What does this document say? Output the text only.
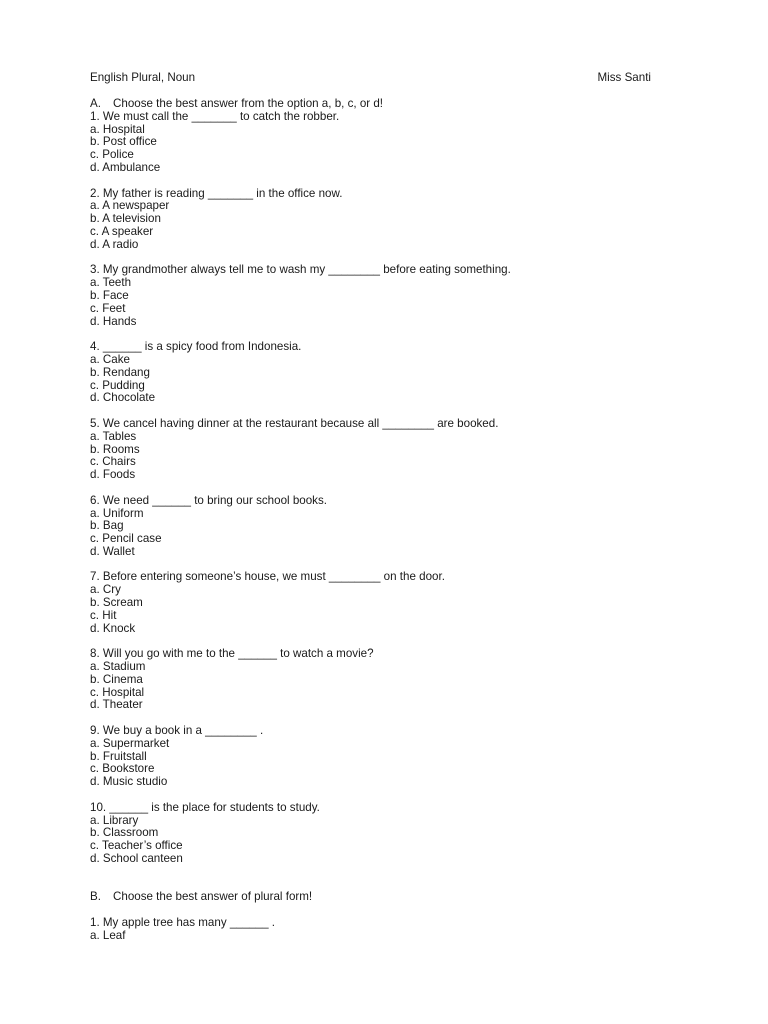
English Plural, Noun	Miss Santi
A.	Choose the best answer from the option a, b, c, or d!
1. We must call the _______ to catch the robber.
a. Hospital
b. Post office
c. Police
d. Ambulance
2. My father is reading _______ in the office now.
a. A newspaper
b. A television
c. A speaker
d. A radio
3. My grandmother always tell me to wash my ________ before eating something.
a. Teeth
b. Face
c. Feet
d. Hands
4. ______ is a spicy food from Indonesia.
a. Cake
b. Rendang
c. Pudding
d. Chocolate
5. We cancel having dinner at the restaurant because all ________ are booked.
a. Tables
b. Rooms
c. Chairs
d. Foods
6. We need ______ to bring our school books.
a. Uniform
b. Bag
c. Pencil case
d. Wallet
7. Before entering someone’s house, we must ________ on the door.
a. Cry
b. Scream
c. Hit
d. Knock
8. Will you go with me to the ______ to watch a movie?
a. Stadium
b. Cinema
c. Hospital
d. Theater
9. We buy a book in a ________ .
a. Supermarket
b. Fruitstall
c. Bookstore
d. Music studio
10. ______ is the place for students to study.
a. Library
b. Classroom
c. Teacher’s office
d. School canteen
B.	Choose the best answer of plural form!
1. My apple tree has many ______ .
a. Leaf
